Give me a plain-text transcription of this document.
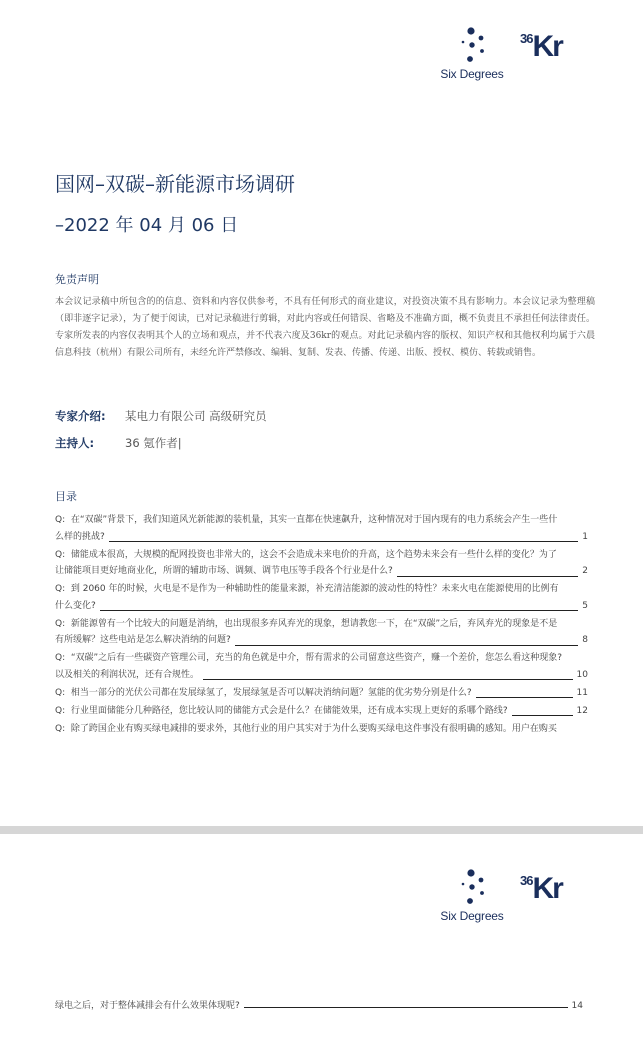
Six Degrees
$^{36}$Kr
国网–双碳–新能源市场调研
–2022 年 04 月 06 日
免责声明
本会议记录稿中所包含的的信息、资料和内容仅供参考，不具有任何形式的商业建议，对投资决策不具有影响力。本会议记录为整理稿（即非逐字记录），为了便于阅读，已对记录稿进行剪辑，对此内容或任何错误、省略及不准确方面，概不负责且不承担任何法律责任。专家所发表的内容仅表明其个人的立场和观点，并不代表六度及36kr的观点。对此记录稿内容的版权、知识产权和其他权利均属于六晨信息科技（杭州）有限公司所有，未经允许严禁修改、编辑、复制、发表、传播、传递、出版、授权、模仿、转载或销售。
专家介绍: 某电力有限公司 高级研究员
主持人:	36 氪作者|
目录
Q: 在“双碳”背景下，我们知道风光新能源的装机量，其实一直都在快速飙升，这种情况对于国内现有的电力系统会产生一些什
么样的挑战?	1
Q: 储能成本很高，大规模的配网投资也非常大的，这会不会造成未来电价的升高，这个趋势未来会有一些什么样的变化？为了
让储能项目更好地商业化，所谓的辅助市场、调频、调节电压等手段各个行业是什么?	2
Q: 到 2060 年的时候，火电是不是作为一种辅助性的能量来源，补充清洁能源的波动性的特性？未来火电在能源使用的比例有
什么变化?	5
Q: 新能源曾有一个比较大的问题是消纳，也出现很多弃风弃光的现象，想请教您一下，在“双碳”之后，弃风弃光的现象是不是
有所缓解？这些电站是怎么解决消纳的问题?	8
Q: “双碳”之后有一些碳资产管理公司，充当的角色就是中介，帮有需求的公司留意这些资产，赚一个差价，您怎么看这种现象?
以及相关的利润状况，还有合规性。	10
Q: 相当一部分的光伏公司都在发展绿氢了，发展绿氢是否可以解决消纳问题？氢能的优劣势分别是什么?	11
Q: 行业里面储能分几种路径，您比较认同的储能方式会是什么？在储能效果，还有成本实现上更好的系哪个路线?	12
Q: 除了跨国企业有购买绿电减排的要求外，其他行业的用户其实对于为什么要购买绿电这件事没有很明确的感知。用户在购买
Six Degrees
$^{36}$Kr
绿电之后，对于整体减排会有什么效果体现呢?	14
